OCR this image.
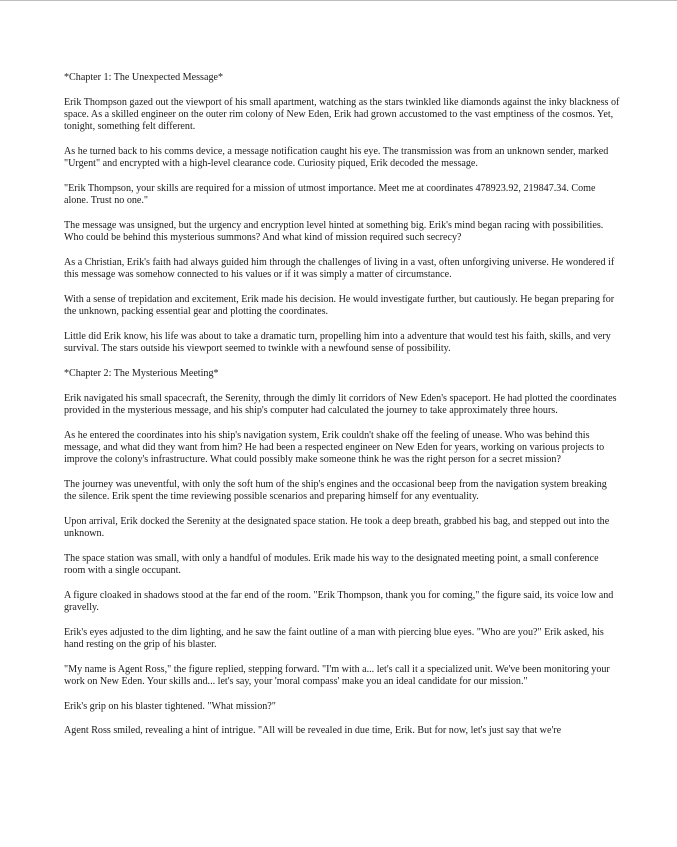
*Chapter 1: The Unexpected Message*

Erik Thompson gazed out the viewport of his small apartment, watching as the stars twinkled like diamonds against the inky blackness of space. As a skilled engineer on the outer rim colony of New Eden, Erik had grown accustomed to the vast emptiness of the cosmos. Yet, tonight, something felt different.

As he turned back to his comms device, a message notification caught his eye. The transmission was from an unknown sender, marked "Urgent" and encrypted with a high-level clearance code. Curiosity piqued, Erik decoded the message.

"Erik Thompson, your skills are required for a mission of utmost importance. Meet me at coordinates 478923.92, 219847.34. Come alone. Trust no one."

The message was unsigned, but the urgency and encryption level hinted at something big. Erik's mind began racing with possibilities. Who could be behind this mysterious summons? And what kind of mission required such secrecy?

As a Christian, Erik's faith had always guided him through the challenges of living in a vast, often unforgiving universe. He wondered if this message was somehow connected to his values or if it was simply a matter of circumstance.

With a sense of trepidation and excitement, Erik made his decision. He would investigate further, but cautiously. He began preparing for the unknown, packing essential gear and plotting the coordinates.

Little did Erik know, his life was about to take a dramatic turn, propelling him into a adventure that would test his faith, skills, and very survival. The stars outside his viewport seemed to twinkle with a newfound sense of possibility.

*Chapter 2: The Mysterious Meeting*

Erik navigated his small spacecraft, the Serenity, through the dimly lit corridors of New Eden's spaceport. He had plotted the coordinates provided in the mysterious message, and his ship's computer had calculated the journey to take approximately three hours.

As he entered the coordinates into his ship's navigation system, Erik couldn't shake off the feeling of unease. Who was behind this message, and what did they want from him? He had been a respected engineer on New Eden for years, working on various projects to improve the colony's infrastructure. What could possibly make someone think he was the right person for a secret mission?

The journey was uneventful, with only the soft hum of the ship's engines and the occasional beep from the navigation system breaking the silence. Erik spent the time reviewing possible scenarios and preparing himself for any eventuality.

Upon arrival, Erik docked the Serenity at the designated space station. He took a deep breath, grabbed his bag, and stepped out into the unknown.

The space station was small, with only a handful of modules. Erik made his way to the designated meeting point, a small conference room with a single occupant.

A figure cloaked in shadows stood at the far end of the room. "Erik Thompson, thank you for coming," the figure said, its voice low and gravelly.

Erik's eyes adjusted to the dim lighting, and he saw the faint outline of a man with piercing blue eyes. "Who are you?" Erik asked, his hand resting on the grip of his blaster.

"My name is Agent Ross," the figure replied, stepping forward. "I'm with a... let's call it a specialized unit. We've been monitoring your work on New Eden. Your skills and... let's say, your 'moral compass' make you an ideal candidate for our mission."

Erik's grip on his blaster tightened. "What mission?"

Agent Ross smiled, revealing a hint of intrigue. "All will be revealed in due time, Erik. But for now, let's just say that we're
